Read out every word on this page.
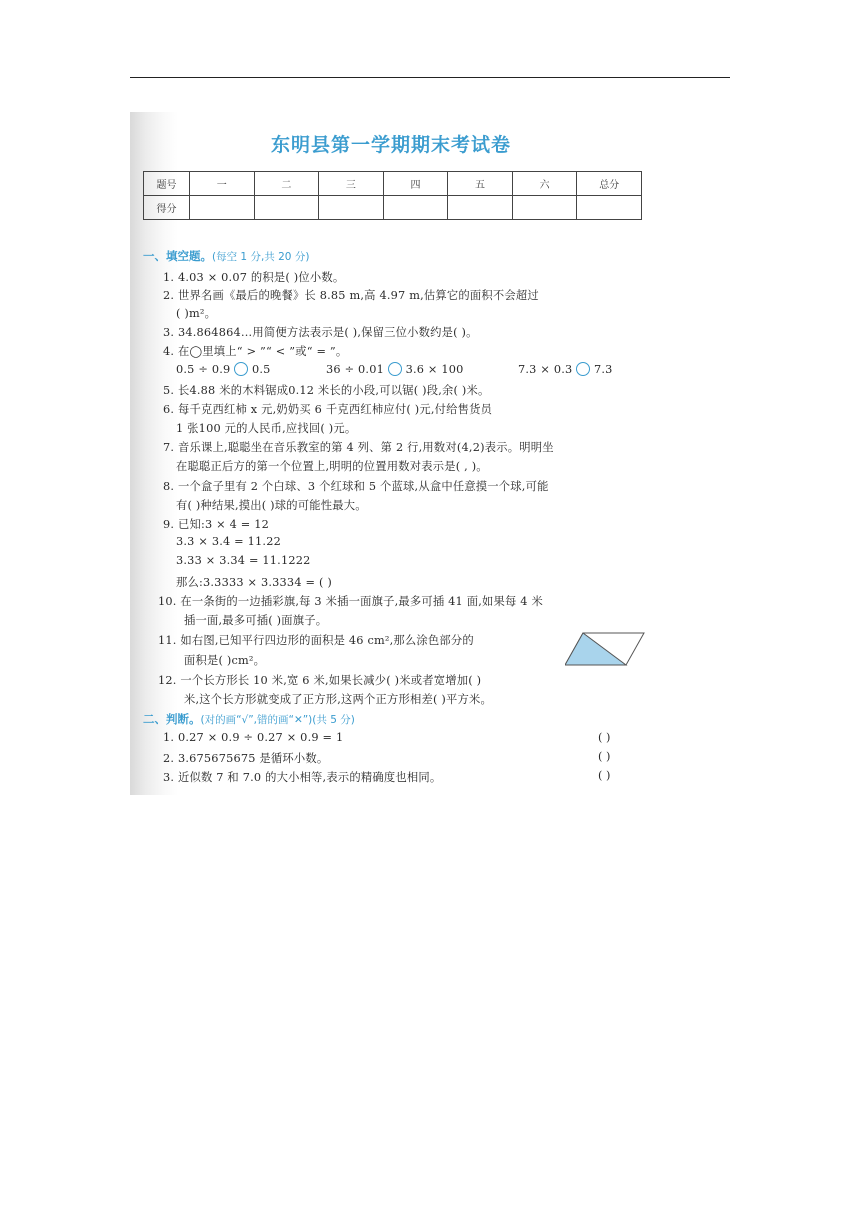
东明县第一学期期末考试卷
题号	一	二	三	四	五	六	总分
得分							
一、填空题。(每空 1 分,共 20 分)
1. 4.03 × 0.07 的积是( )位小数。
2. 世界名画《最后的晚餐》长 8.85 m,高 4.97 m,估算它的面积不会超过
( )m²。
3. 34.864864…用简便方法表示是( ),保留三位小数约是( )。
4. 在◯里填上“ > ”“ < ”或“ = ”。
0.5 ÷ 0.9 0.5	36 ÷ 0.01 3.6 × 100	7.3 × 0.3 7.3
5. 长4.88 米的木料锯成0.12 米长的小段,可以锯( )段,余( )米。
6. 每千克西红柿 x 元,奶奶买 6 千克西红柿应付( )元,付给售货员
1 张100 元的人民币,应找回( )元。
7. 音乐课上,聪聪坐在音乐教室的第 4 列、第 2 行,用数对(4,2)表示。明明坐
在聪聪正后方的第一个位置上,明明的位置用数对表示是( , )。
8. 一个盒子里有 2 个白球、3 个红球和 5 个蓝球,从盒中任意摸一个球,可能
有( )种结果,摸出( )球的可能性最大。
9. 已知:3 × 4 = 12
3.3 × 3.4 = 11.22
3.33 × 3.34 = 11.1222
那么:3.3333 × 3.3334 = ( )
10. 在一条街的一边插彩旗,每 3 米插一面旗子,最多可插 41 面,如果每 4 米
插一面,最多可插( )面旗子。
11. 如右图,已知平行四边形的面积是 46 cm²,那么涂色部分的
面积是( )cm²。
12. 一个长方形长 10 米,宽 6 米,如果长减少( )米或者宽增加( )
米,这个长方形就变成了正方形,这两个正方形相差( )平方米。
二、判断。(对的画“√”,错的画“✕”)(共 5 分)
1. 0.27 × 0.9 ÷ 0.27 × 0.9 = 1	( )
2. 3.675675675 是循环小数。	( )
3. 近似数 7 和 7.0 的大小相等,表示的精确度也相同。	( )
